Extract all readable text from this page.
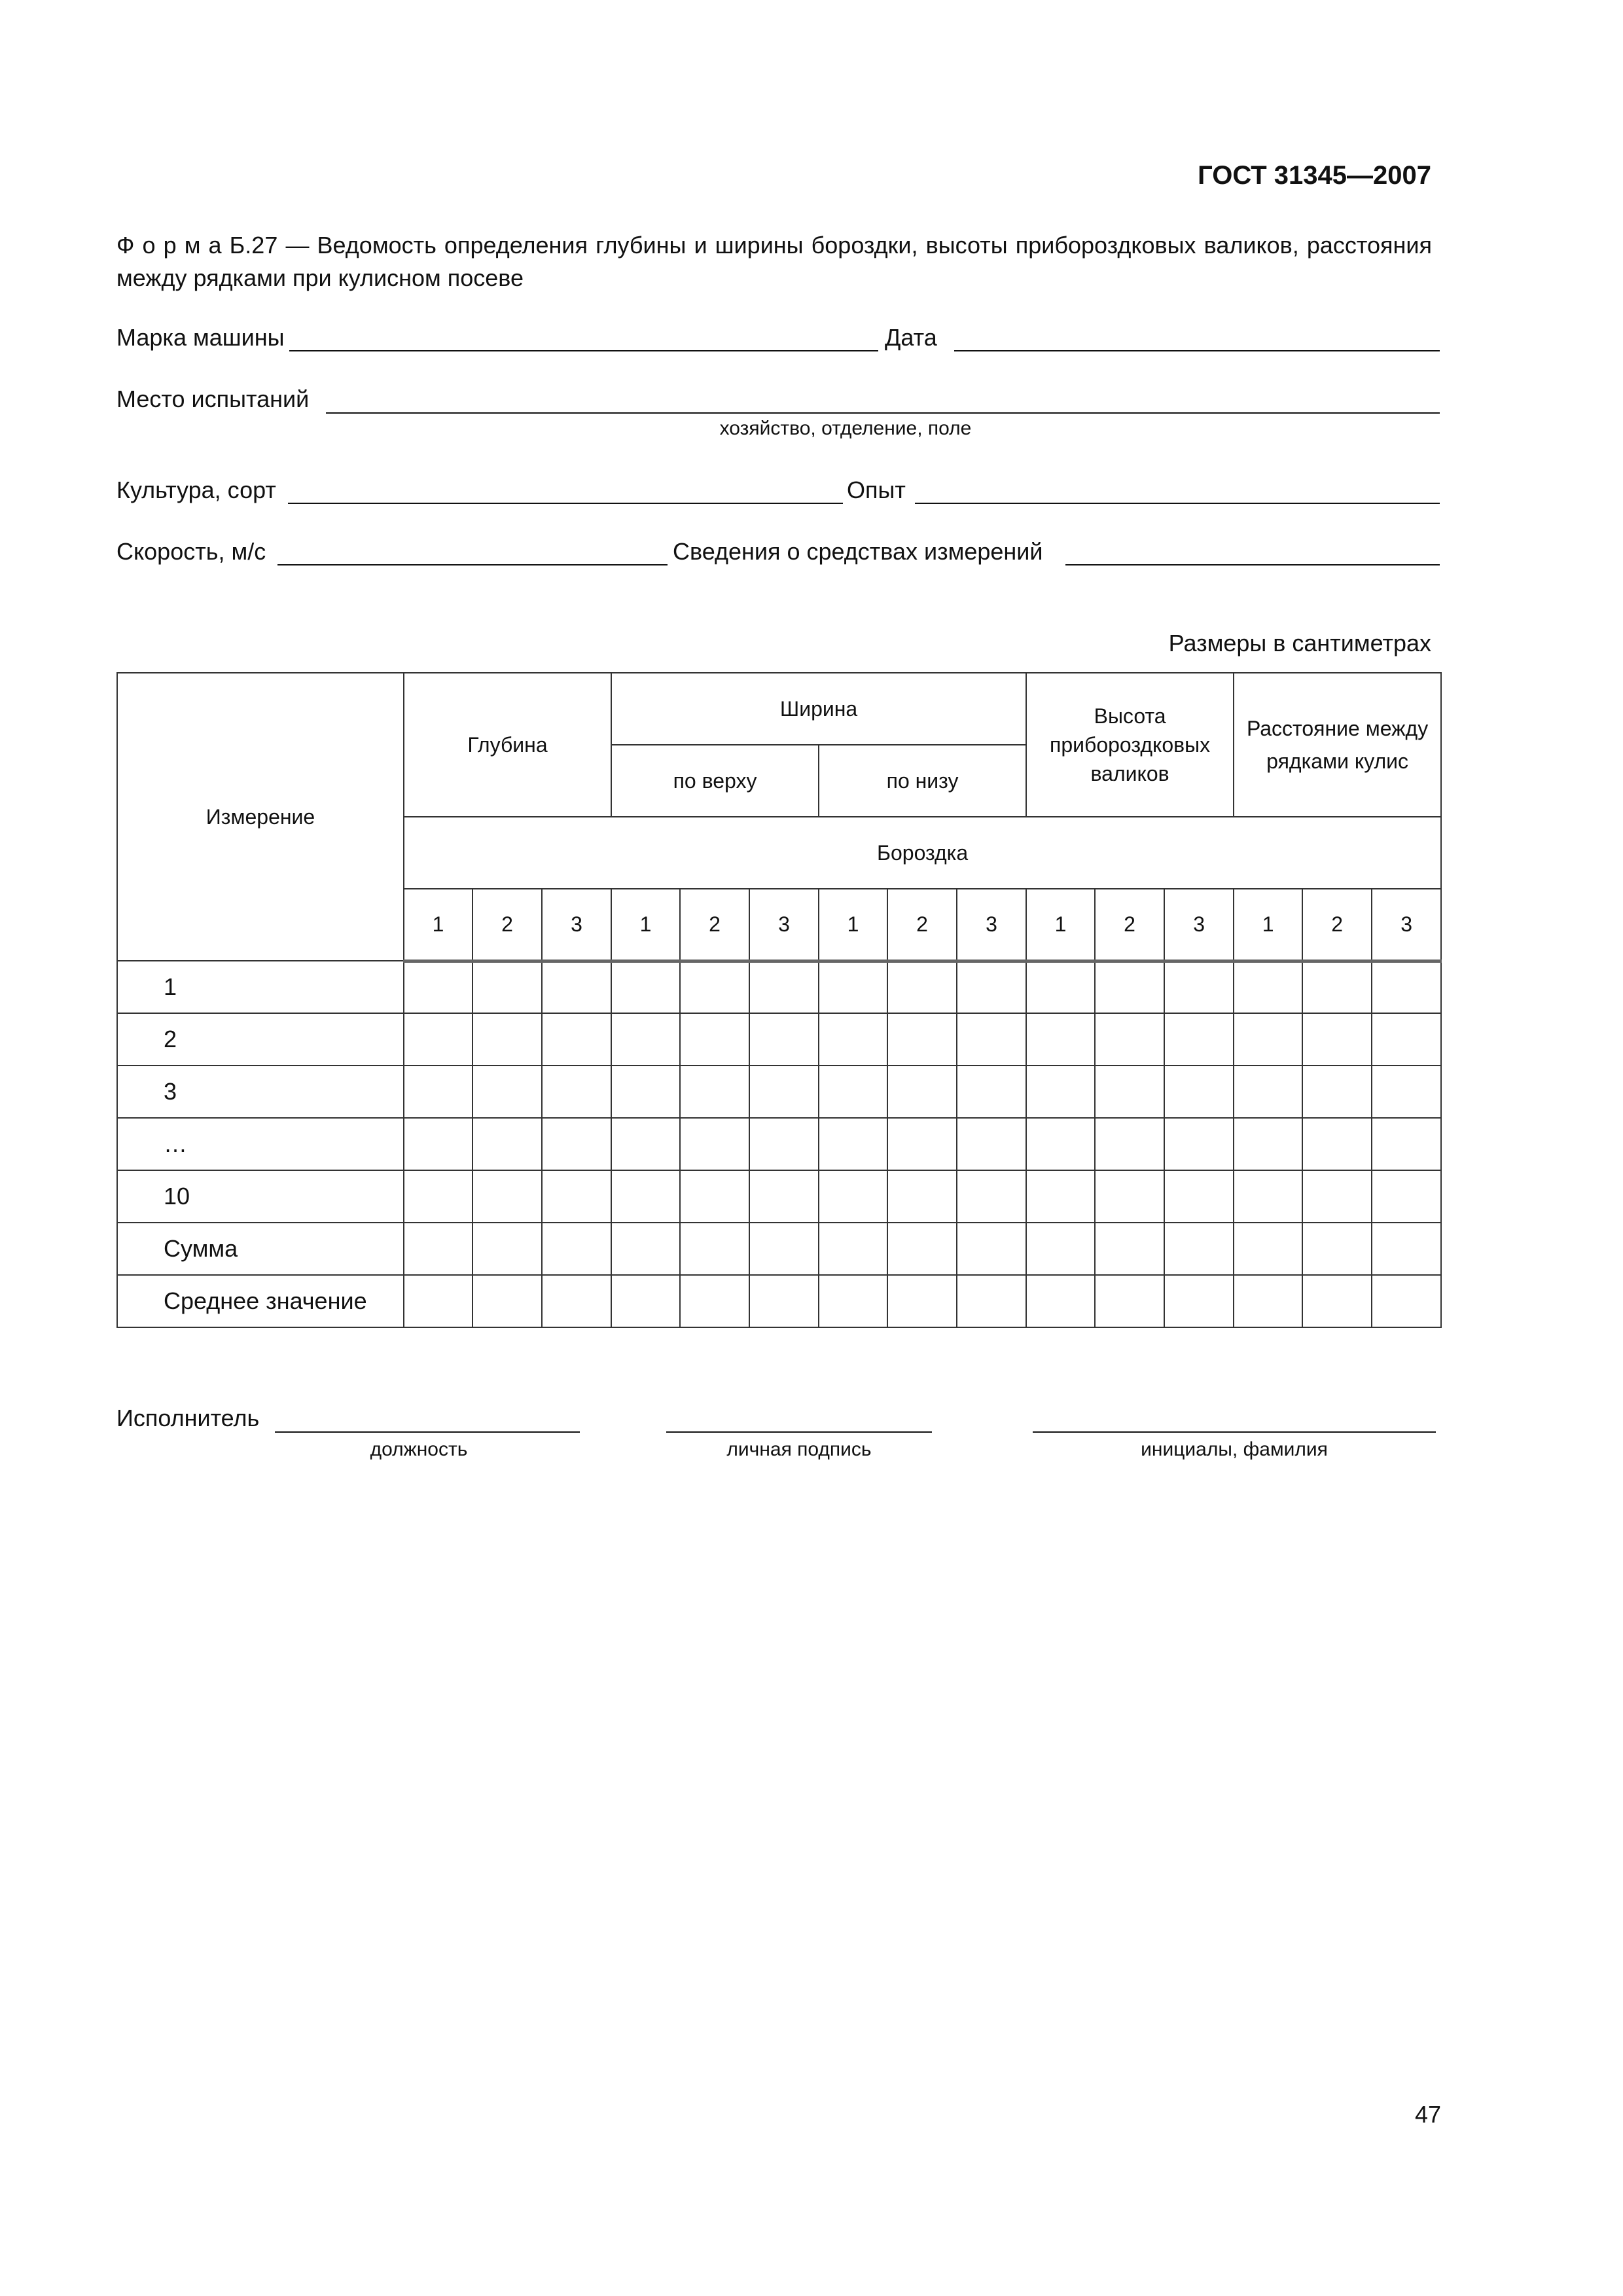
ГОСТ 31345—2007
Ф о р м а Б.27 — Ведомость определения глубины и ширины бороздки, высоты прибороздковых валиков, расстояния между рядками при кулисном посеве
Марка машины	Дата
Место испытаний
хозяйство, отделение, поле
Культура, сорт	Опыт
Скорость, м/с	Сведения о средствах измерений
Размеры в сантиметрах
Измерение	Глубина			Ширина						Высота прибороздковых валиков			Расстояние между рядками кулис		
				по верху			по низу								
	Бороздка														
	1	2	3	1	2	3	1	2	3	1	2	3	1	2	3
1															
2															
3															
…															
10															
Сумма															
Среднее значение															
Исполнитель
должность	личная подпись	инициалы, фамилия
47
